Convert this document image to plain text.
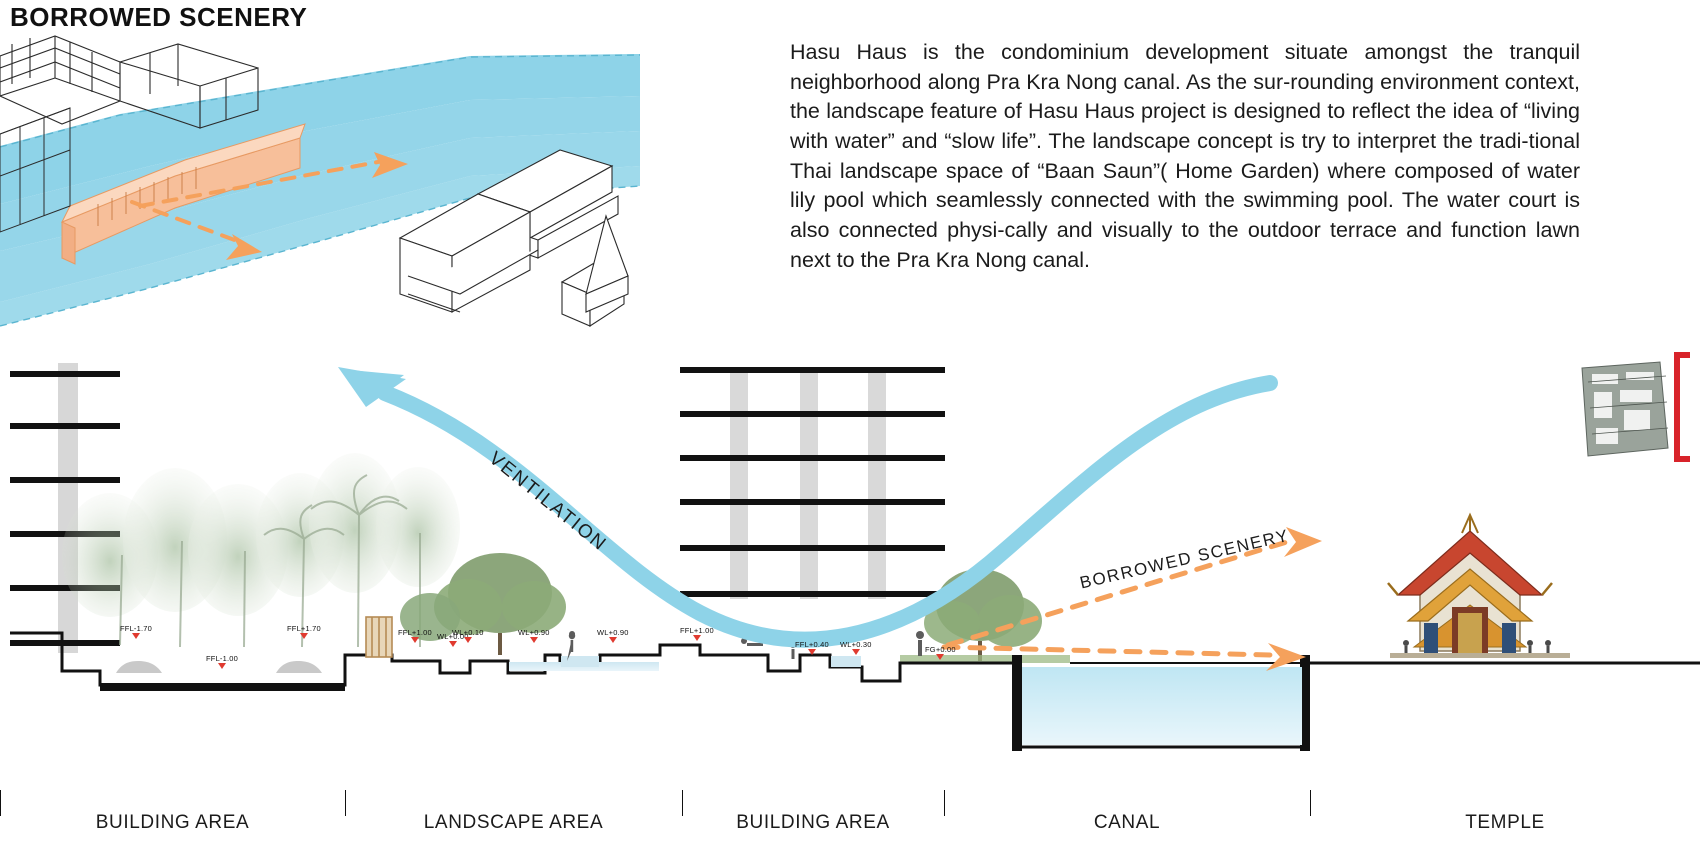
BORROWED SCENERY
Hasu Haus is the condominium development situate amongst the tranquil neighborhood along Pra Kra Nong canal. As the sur-rounding environment context, the landscape feature of Hasu Haus project is designed to reflect the idea of “living with water” and “slow life”. The landscape concept is try to interpret the tradi-tional Thai landscape space of “Baan Saun”( Home Garden) where composed of water lily pool which seamlessly connected with the swimming pool. The water court is also connected physi-cally and visually to the outdoor terrace and function lawn next to the Pra Kra Nong canal.
VENTILATION
BORROWED SCENERY
FFL-1.70	FFL+1.70
FFL-1.00
FFL+1.00 WL+0.00
WL+0.10	WL+0.90	WL+0.90	FFL+1.00
FFL+0.40 WL+0.30
FG+0.00
BUILDING AREA	LANDSCAPE AREA	BUILDING AREA	CANAL	TEMPLE
